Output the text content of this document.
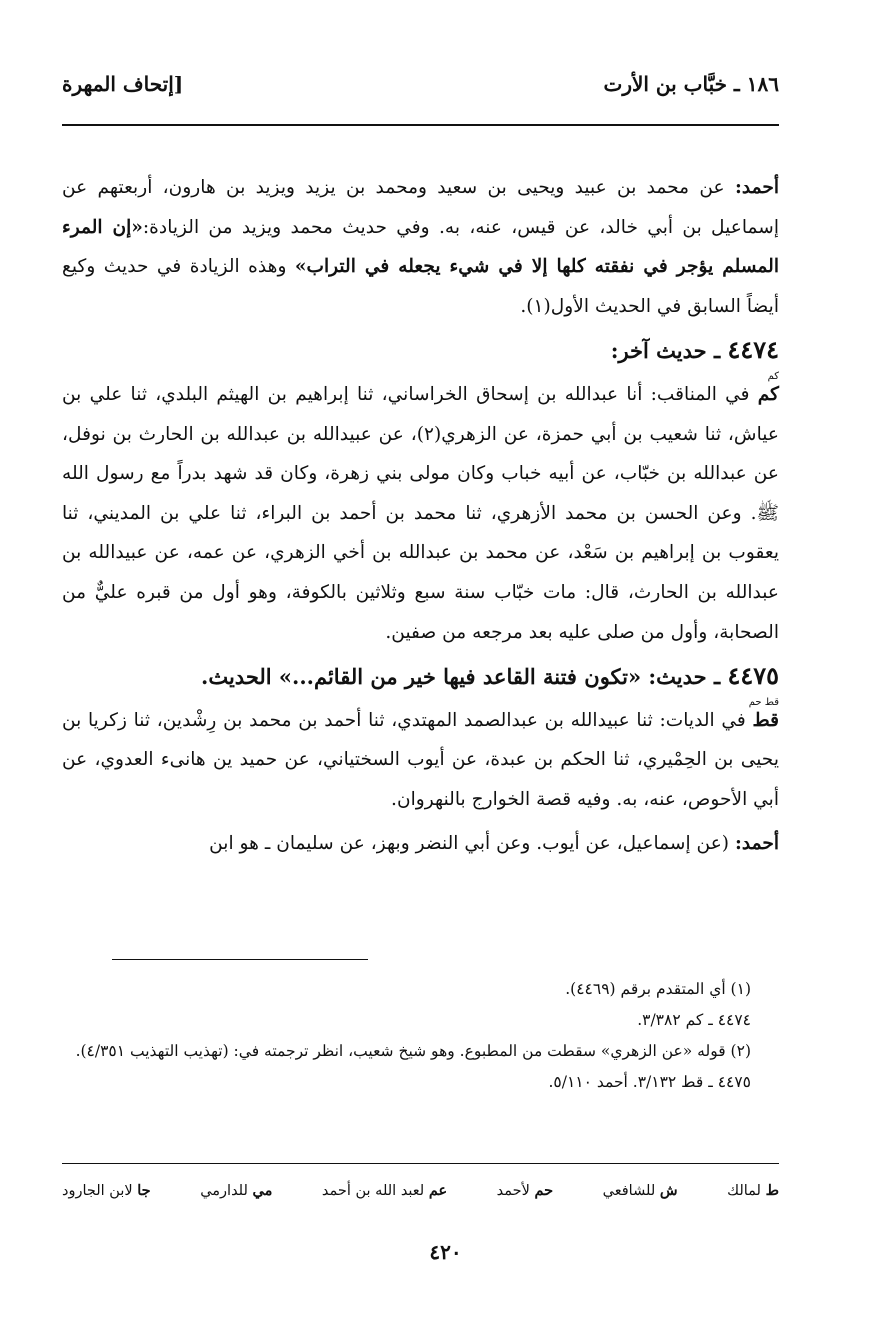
١٨٦ ـ خبَّاب بن الأرت
[إتحاف المهرة

أحمد: عن محمد بن عبيد ويحيى بن سعيد ومحمد بن يزيد ويزيد بن هارون، أربعتهم عن إسماعيل بن أبي خالد، عن قيس، عنه، به. وفي حديث محمد ويزيد من الزيادة:«إن المرء المسلم يؤجر في نفقته كلها إلا في شيء يجعله في التراب» وهذه الزيادة في حديث وكيع أيضاً السابق في الحديث الأول(١).

٤٤٧٤ ـ حديث آخر:

كم

كم في المناقب: أنا عبدالله بن إسحاق الخراساني، ثنا إبراهيم بن الهيثم البلدي، ثنا علي بن عياش، ثنا شعيب بن أبي حمزة، عن الزهري(٢)، عن عبيدالله بن عبدالله بن الحارث بن نوفل، عن عبدالله بن خبّاب، عن أبيه خباب وكان مولى بني زهرة، وكان قد شهد بدراً مع رسول الله ﷺ. وعن الحسن بن محمد الأزهري، ثنا محمد بن أحمد بن البراء، ثنا علي بن المديني، ثنا يعقوب بن إبراهيم بن سَعْد، عن محمد بن عبدالله بن أخي الزهري، عن عمه، عن عبيدالله بن عبدالله بن الحارث، قال: مات خبّاب سنة سبع وثلاثين بالكوفة، وهو أول من قبره عليٌّ من الصحابة، وأول من صلى عليه بعد مرجعه من صفين.

٤٤٧٥ ـ حديث: «تكون فتنة القاعد فيها خير من القائم...» الحديث.

قط حم

قط في الديات: ثنا عبيدالله بن عبدالصمد المهتدي، ثنا أحمد بن محمد بن رِشْدين، ثنا زكريا بن يحيى بن الحِمْيري، ثنا الحكم بن عبدة، عن أيوب السختياني، عن حميد ين هانىء العدوي، عن أبي الأحوص، عنه، به. وفيه قصة الخوارج بالنهروان.

أحمد: (عن إسماعيل، عن أيوب. وعن أبي النضر وبهز، عن سليمان ـ هو ابن

(١) أي المتقدم برقم (٤٤٦٩).

٤٤٧٤ ـ كم ٣/٣٨٢.

(٢) قوله «عن الزهري» سقطت من المطبوع. وهو شيخ شعيب، انظر ترجمته في: (تهذيب التهذيب ٤/٣٥١).

٤٤٧٥ ـ قط ٣/١٣٢. أحمد ٥/١١٠.

ط لمالك
ش للشافعي
حم لأحمد
عم لعبد الله بن أحمد
مي للدارمي
جا لابن الجارود
٤٢٠
